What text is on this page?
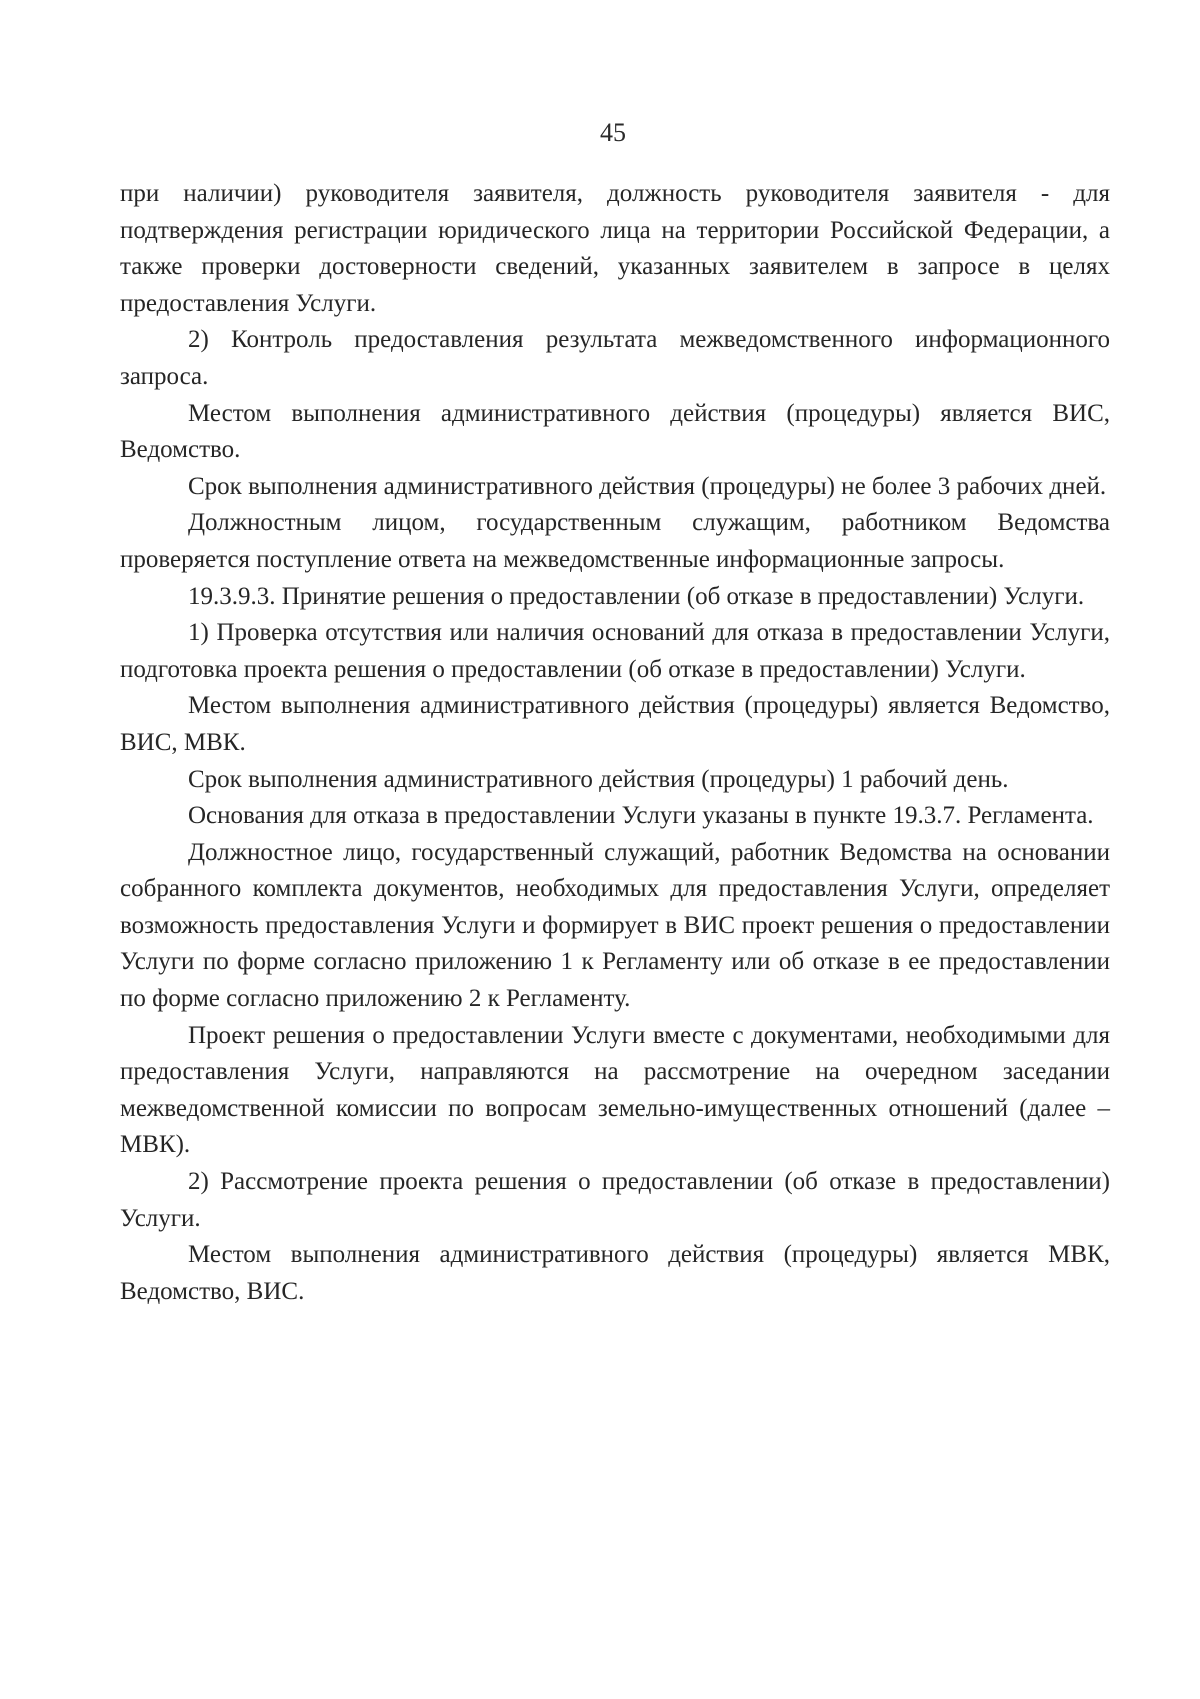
45

при наличии) руководителя заявителя, должность руководителя заявителя - для подтверждения регистрации юридического лица на территории Российской Федерации, а также проверки достоверности сведений, указанных заявителем в запросе в целях предоставления Услуги.

2) Контроль предоставления результата межведомственного информационного запроса.

Местом выполнения административного действия (процедуры) является ВИС, Ведомство.

Срок выполнения административного действия (процедуры) не более 3 рабочих дней.

Должностным лицом, государственным служащим, работником Ведомства проверяется поступление ответа на межведомственные информационные запросы.

19.3.9.3. Принятие решения о предоставлении (об отказе в предоставлении) Услуги.

1) Проверка отсутствия или наличия оснований для отказа в предоставлении Услуги, подготовка проекта решения о предоставлении (об отказе в предоставлении) Услуги.

Местом выполнения административного действия (процедуры) является Ведомство, ВИС, МВК.

Срок выполнения административного действия (процедуры) 1 рабочий день.

Основания для отказа в предоставлении Услуги указаны в пункте 19.3.7. Регламента.

Должностное лицо, государственный служащий, работник Ведомства на основании собранного комплекта документов, необходимых для предоставления Услуги, определяет возможность предоставления Услуги и формирует в ВИС проект решения о предоставлении Услуги по форме согласно приложению 1 к Регламенту или об отказе в ее предоставлении по форме согласно приложению 2 к Регламенту.

Проект решения о предоставлении Услуги вместе с документами, необходимыми для предоставления Услуги, направляются на рассмотрение на очередном заседании межведомственной комиссии по вопросам земельно-имущественных отношений (далее – МВК).

2) Рассмотрение проекта решения о предоставлении (об отказе в предоставлении) Услуги.

Местом выполнения административного действия (процедуры) является МВК, Ведомство, ВИС.
